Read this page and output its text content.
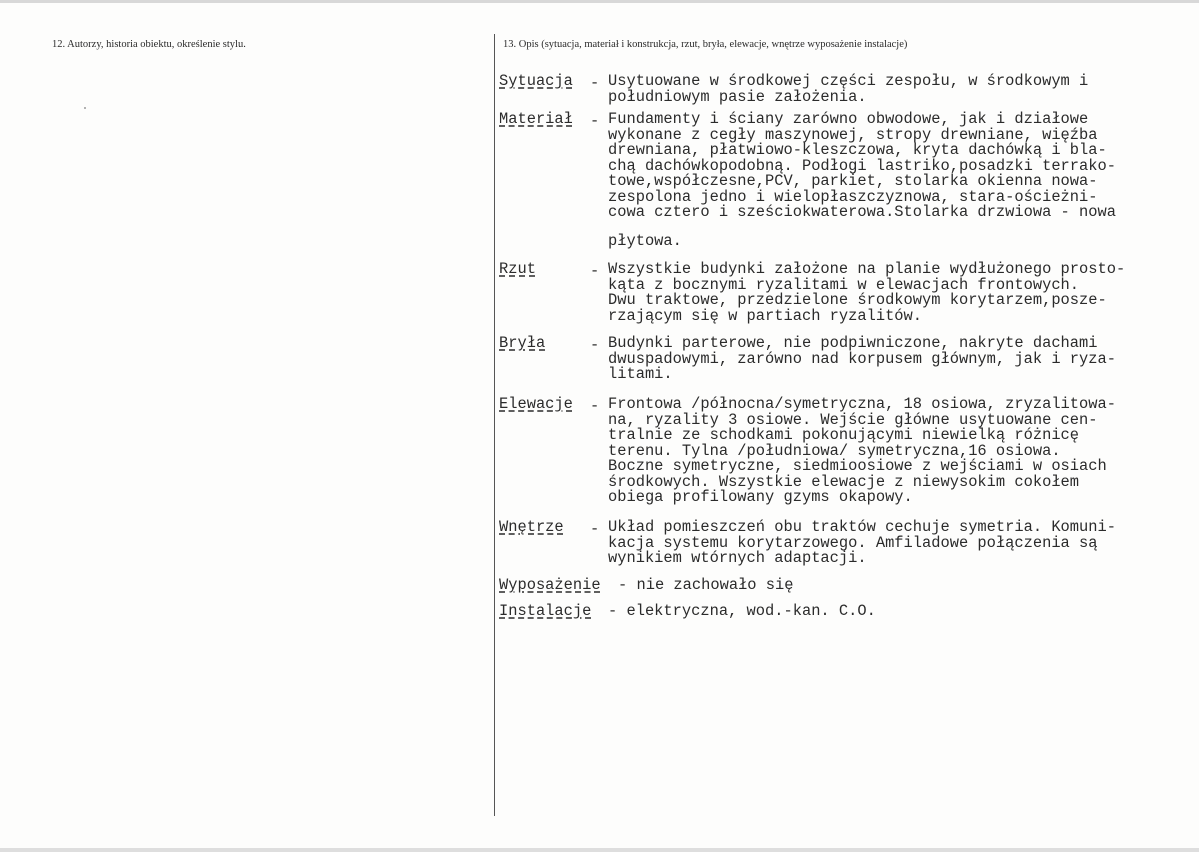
12. Autorzy, historia obiektu, określenie stylu.	13. Opis (sytuacja, materiał i konstrukcja, rzut, bryła, elewacje, wnętrze wyposażenie instalacje)
Sytuacja - Usytuowane w środkowej części zespołu, w środkowym i
południowym pasie założenia.
Materiał - Fundamenty i ściany zarówno obwodowe, jak i działowe
wykonane z cegły maszynowej, stropy drewniane, więźba
drewniana, płatwiowo-kleszczowa, kryta dachówką i bla-
chą dachówkopodobną. Podłogi lastriko,posadzki terrako-
towe,współczesne,PCV, parkiet, stolarka okienna nowa-
zespolona jedno i wielopłaszczyznowa, stara-ościeżni-
cowa cztero i sześciokwaterowa.Stolarka drzwiowa - nowa
płytowa.
Rzut	- Wszystkie budynki założone na planie wydłużonego prosto-
kąta z bocznymi ryzalitami w elewacjach frontowych.
Dwu traktowe, przedzielone środkowym korytarzem,posze-
rzającym się w partiach ryzalitów.
Bryła	- Budynki parterowe, nie podpiwniczone, nakryte dachami
dwuspadowymi, zarówno nad korpusem głównym, jak i ryza-
litami.
Elewacje - Frontowa /północna/symetryczna, 18 osiowa, zryzalitowa-
na, ryzality 3 osiowe. Wejście główne usytuowane cen-
tralnie ze schodkami pokonującymi niewielką różnicę
terenu. Tylna /południowa/ symetryczna,16 osiowa.
Boczne symetryczne, siedmioosiowe z wejściami w osiach
środkowych. Wszystkie elewacje z niewysokim cokołem
obiega profilowany gzyms okapowy.
Wnętrze - Układ pomieszczeń obu traktów cechuje symetria. Komuni-
kacja systemu korytarzowego. Amfiladowe połączenia są
wynikiem wtórnych adaptacji.
Wyposażenie - nie zachowało się
Instalacje - elektryczna, wod.-kan. C.O.
